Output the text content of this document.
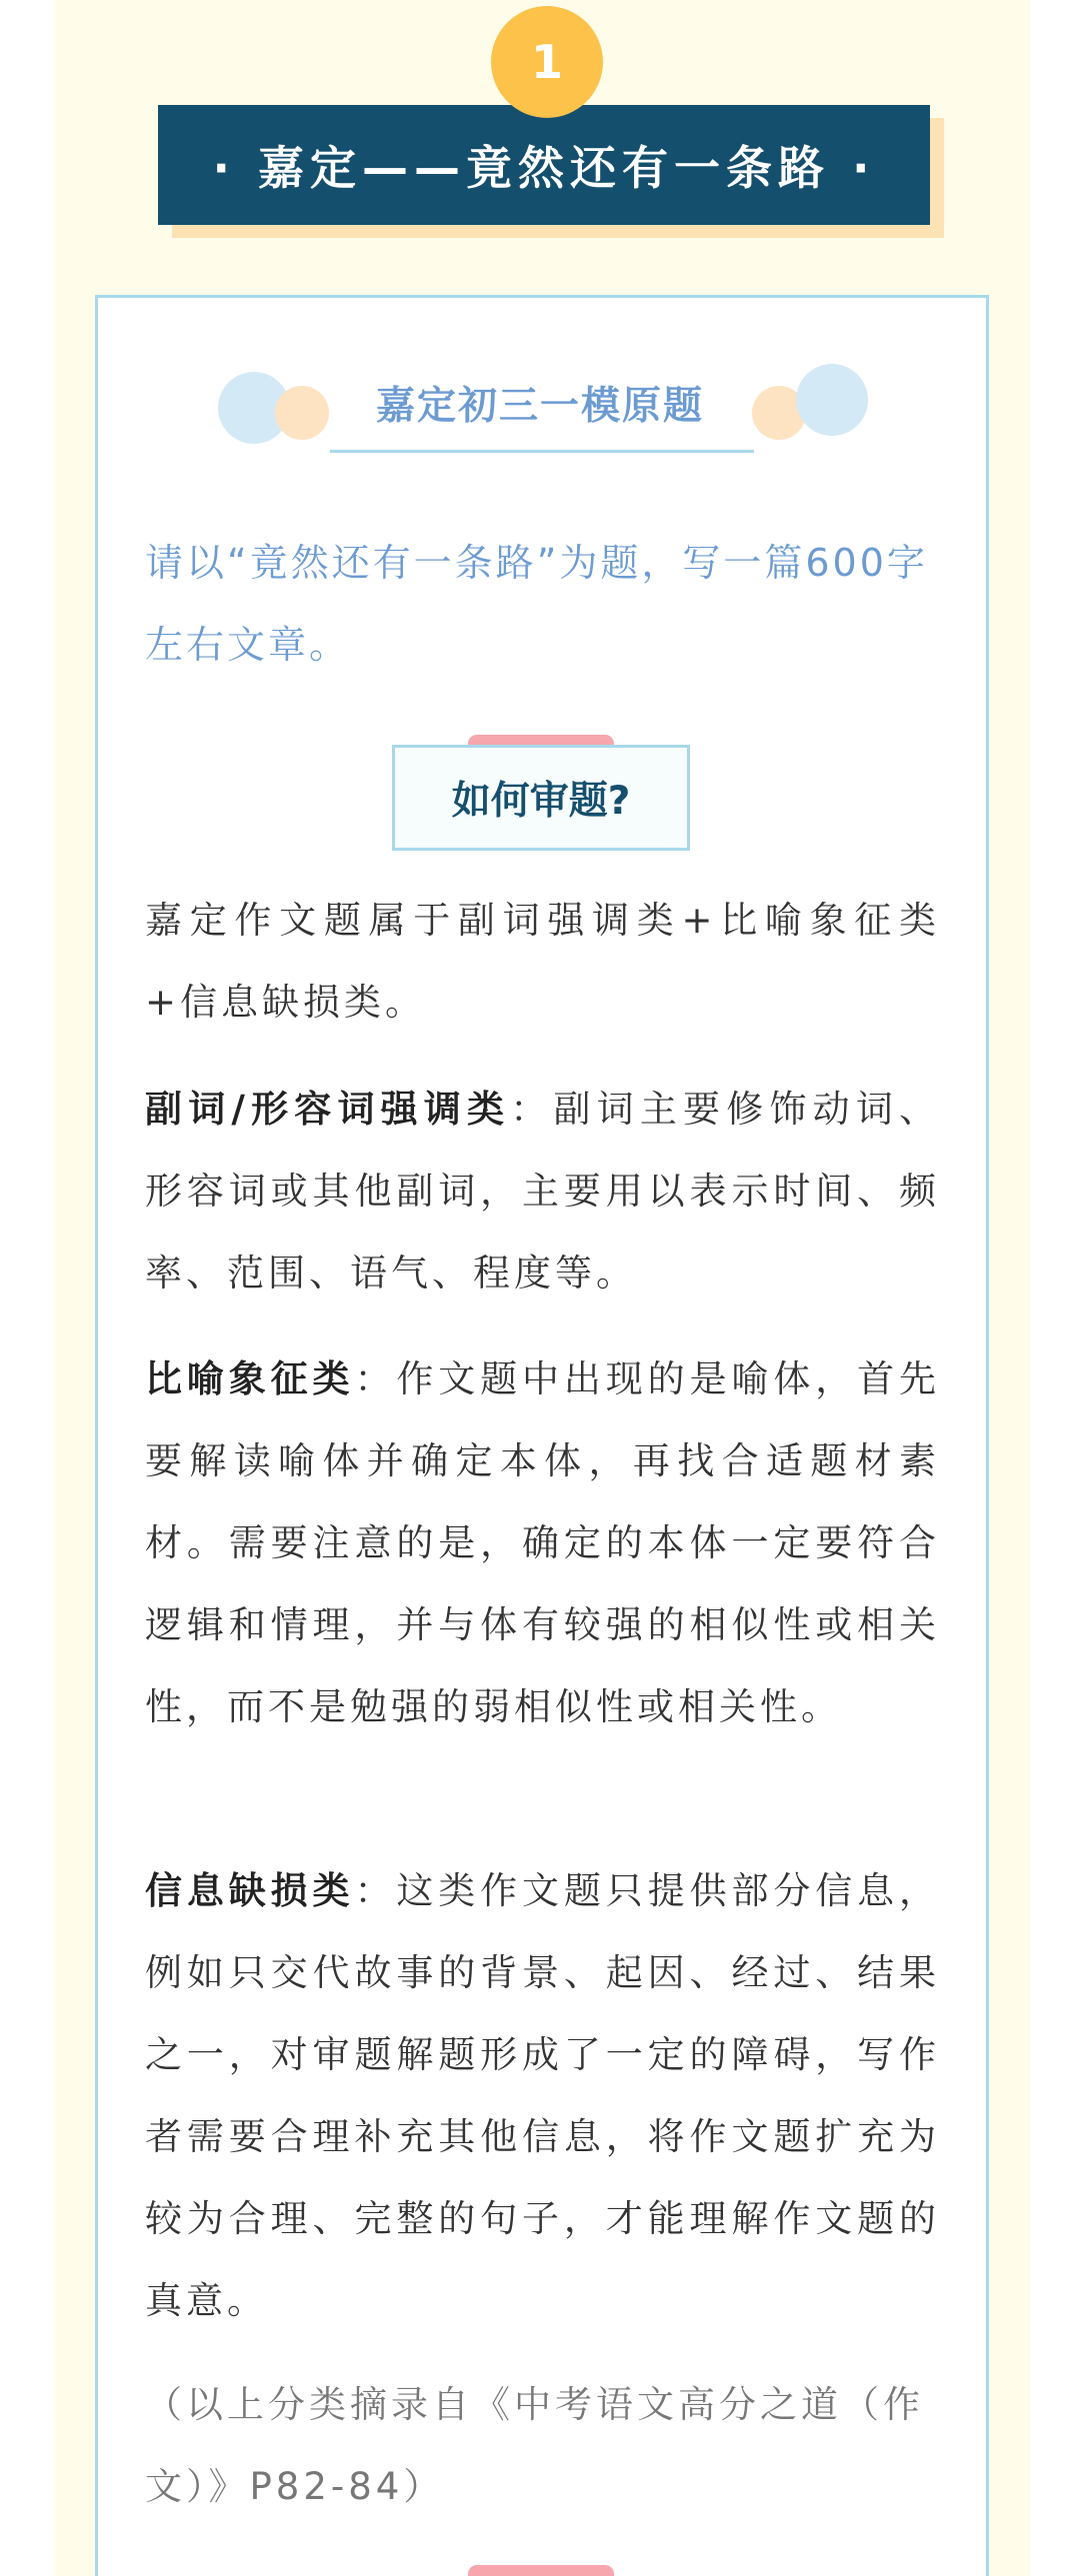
1
· 嘉定——竟然还有一条路 ·
嘉定初三一模原题

请以“竟然还有一条路”为题，写一篇600字左右文章。

如何审题?

嘉定作文题属于副词强调类+比喻象征类+信息缺损类。

副词/形容词强调类：副词主要修饰动词、形容词或其他副词，主要用以表示时间、频率、范围、语气、程度等。

比喻象征类：作文题中出现的是喻体，首先要解读喻体并确定本体，再找合适题材素材。需要注意的是，确定的本体一定要符合逻辑和情理，并与体有较强的相似性或相关性，而不是勉强的弱相似性或相关性。

信息缺损类：这类作文题只提供部分信息，例如只交代故事的背景、起因、经过、结果之一，对审题解题形成了一定的障碍，写作者需要合理补充其他信息，将作文题扩充为较为合理、完整的句子，才能理解作文题的真意。

（以上分类摘录自《中考语文高分之道（作文）》P82-84）
